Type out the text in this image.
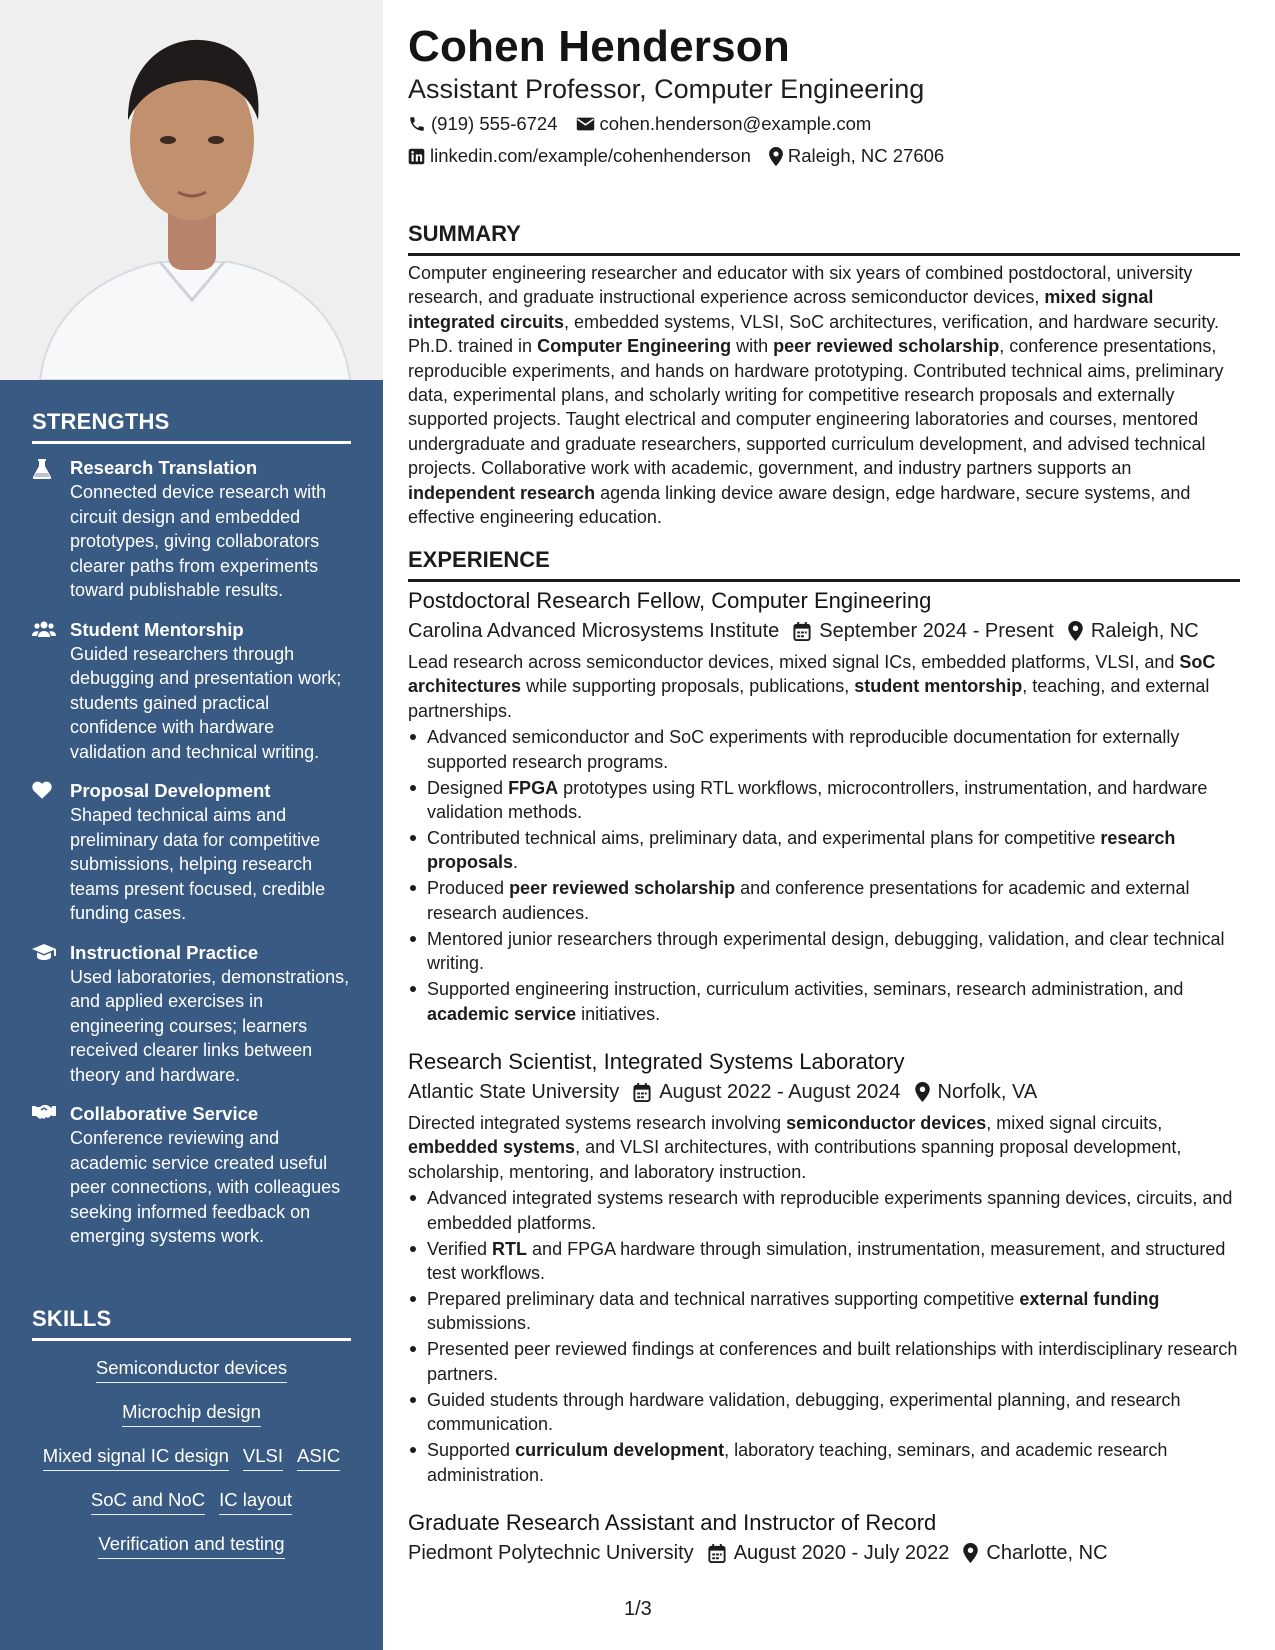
STRENGTHS
Research Translation
Connected device research with circuit design and embedded prototypes, giving collaborators clearer paths from experiments toward publishable results.
Student Mentorship
Guided researchers through debugging and presentation work; students gained practical confidence with hardware validation and technical writing.
Proposal Development
Shaped technical aims and preliminary data for competitive submissions, helping research teams present focused, credible funding cases.
Instructional Practice
Used laboratories, demonstrations, and applied exercises in engineering courses; learners received clearer links between theory and hardware.
Collaborative Service
Conference reviewing and academic service created useful peer connections, with colleagues seeking informed feedback on emerging systems work.
SKILLS
Semiconductor devices
Microchip design
Mixed signal IC design VLSI ASIC
SoC and NoC IC layout
Verification and testing
Cohen Henderson
Assistant Professor, Computer Engineering
(919) 555-6724 cohen.henderson@example.com
linkedin.com/example/cohenhenderson Raleigh, NC 27606
SUMMARY
Computer engineering researcher and educator with six years of combined postdoctoral, university research, and graduate instructional experience across semiconductor devices, mixed signal integrated circuits, embedded systems, VLSI, SoC architectures, verification, and hardware security. Ph.D. trained in Computer Engineering with peer reviewed scholarship, conference presentations, reproducible experiments, and hands on hardware prototyping. Contributed technical aims, preliminary data, experimental plans, and scholarly writing for competitive research proposals and externally supported projects. Taught electrical and computer engineering laboratories and courses, mentored undergraduate and graduate researchers, supported curriculum development, and advised technical projects. Collaborative work with academic, government, and industry partners supports an independent research agenda linking device aware design, edge hardware, secure systems, and effective engineering education.
EXPERIENCE
Postdoctoral Research Fellow, Computer Engineering
Carolina Advanced Microsystems Institute September 2024 - Present Raleigh, NC
Lead research across semiconductor devices, mixed signal ICs, embedded platforms, VLSI, and SoC architectures while supporting proposals, publications, student mentorship, teaching, and external partnerships.
Advanced semiconductor and SoC experiments with reproducible documentation for externally supported research programs.
Designed FPGA prototypes using RTL workflows, microcontrollers, instrumentation, and hardware validation methods.
Contributed technical aims, preliminary data, and experimental plans for competitive research proposals.
Produced peer reviewed scholarship and conference presentations for academic and external research audiences.
Mentored junior researchers through experimental design, debugging, validation, and clear technical writing.
Supported engineering instruction, curriculum activities, seminars, research administration, and academic service initiatives.
Research Scientist, Integrated Systems Laboratory
Atlantic State University August 2022 - August 2024 Norfolk, VA
Directed integrated systems research involving semiconductor devices, mixed signal circuits, embedded systems, and VLSI architectures, with contributions spanning proposal development, scholarship, mentoring, and laboratory instruction.
Advanced integrated systems research with reproducible experiments spanning devices, circuits, and embedded platforms.
Verified RTL and FPGA hardware through simulation, instrumentation, measurement, and structured test workflows.
Prepared preliminary data and technical narratives supporting competitive external funding submissions.
Presented peer reviewed findings at conferences and built relationships with interdisciplinary research partners.
Guided students through hardware validation, debugging, experimental planning, and research communication.
Supported curriculum development, laboratory teaching, seminars, and academic research administration.
Graduate Research Assistant and Instructor of Record
Piedmont Polytechnic University August 2020 - July 2022 Charlotte, NC
1/3
